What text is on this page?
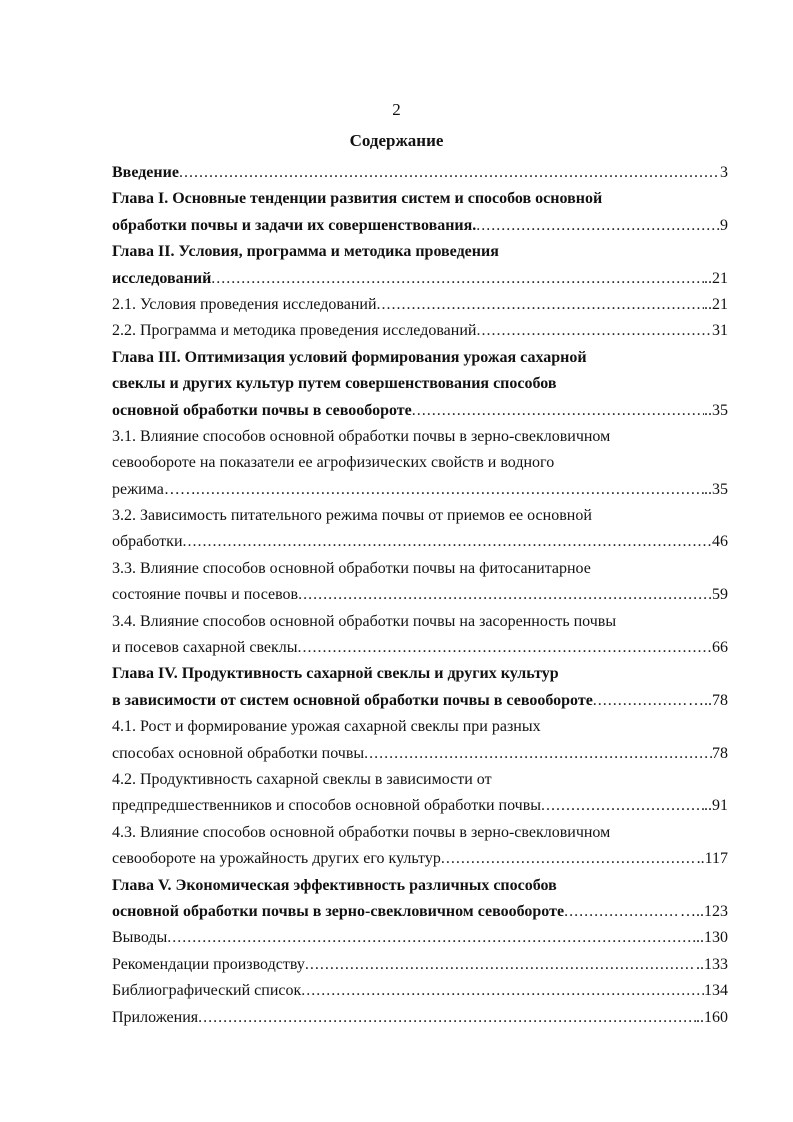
2
Содержание
Введение .....	3
Глава I. Основные тенденции развития систем и способов основной
обработки почвы и задачи их совершенствования. .....	9
Глава II. Условия, программа и методика проведения
исследований .....	..21
2.1. Условия проведения исследований .....	..21
2.2. Программа и методика проведения исследований .....	31
Глава III. Оптимизация условий формирования урожая сахарной
свеклы и других культур путем совершенствования способов
основной обработки почвы в севообороте .....	..35
3.1. Влияние способов основной обработки почвы в зерно-свекловичном
севообороте на показатели ее агрофизических свойств и водного
режима…… .....	..35
3.2. Зависимость питательного режима почвы от приемов ее основной
обработки .....	46
3.3. Влияние способов основной обработки почвы на фитосанитарное
состояние почвы и посевов .....	59
3.4. Влияние способов основной обработки почвы на засоренность почвы
и посевов сахарной свеклы .....	66
Глава IV. Продуктивность сахарной свеклы и других культур
в зависимости от систем основной обработки почвы в севообороте .....	…..78
4.1. Рост и формирование урожая сахарной свеклы при разных
способах основной обработки почвы .....	78
4.2. Продуктивность сахарной свеклы в зависимости от
предпредшественников и способов основной обработки почвы .....	..91
4.3. Влияние способов основной обработки почвы в зерно-свекловичном
севообороте на урожайность других его культур .....	..117
Глава V. Экономическая эффективность различных способов
основной обработки почвы в зерно-свекловичном севообороте .....	…..123
Выводы .....	..130
Рекомендации производству .....	..133
Библиографический список .....	134
Приложения .....	..160
